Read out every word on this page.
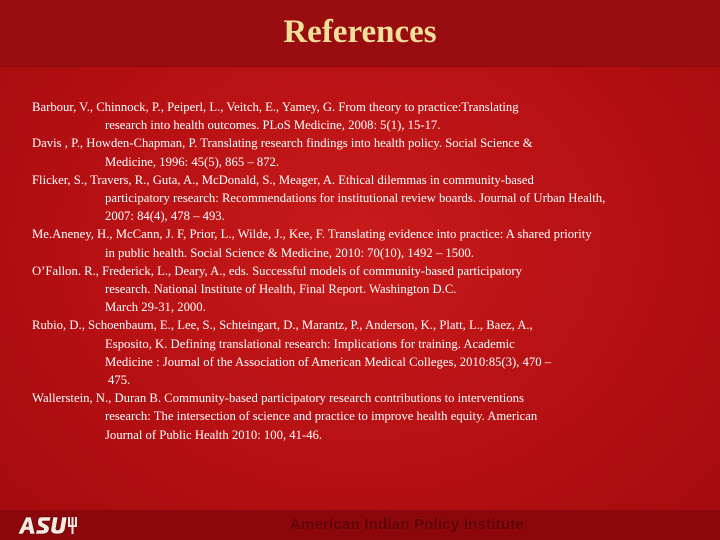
References
Barbour, V., Chinnock, P., Peiperl, L., Veitch, E., Yamey, G. From theory to practice:Translating
research into health outcomes. PLoS Medicine, 2008: 5(1), 15-17.
Davis , P., Howden-Chapman, P. Translating research findings into health policy. Social Science &
Medicine, 1996: 45(5), 865 – 872.
Flicker, S., Travers, R., Guta, A., McDonald, S., Meager, A. Ethical dilemmas in community-based
participatory research: Recommendations for institutional review boards. Journal of Urban Health,
2007: 84(4), 478 – 493.
Me.Aneney, H., McCann, J. F, Prior, L., Wilde, J., Kee, F. Translating evidence into practice: A shared priority
in public health. Social Science & Medicine, 2010: 70(10), 1492 – 1500.
O’Fallon. R., Frederick, L., Deary, A., eds. Successful models of community-based participatory
research. National Institute of Health, Final Report. Washington D.C.
March 29-31, 2000.
Rubio, D., Schoenbaum, E., Lee, S., Schteingart, D., Marantz, P., Anderson, K., Platt, L., Baez, A.,
Esposito, K. Defining translational research: Implications for training. Academic
Medicine : Journal of the Association of American Medical Colleges, 2010:85(3), 470 –
475.
Wallerstein, N., Duran B. Community-based participatory research contributions to interventions
research: The intersection of science and practice to improve health equity. American
Journal of Public Health 2010: 100, 41-46.
American Indian Policy Institute
